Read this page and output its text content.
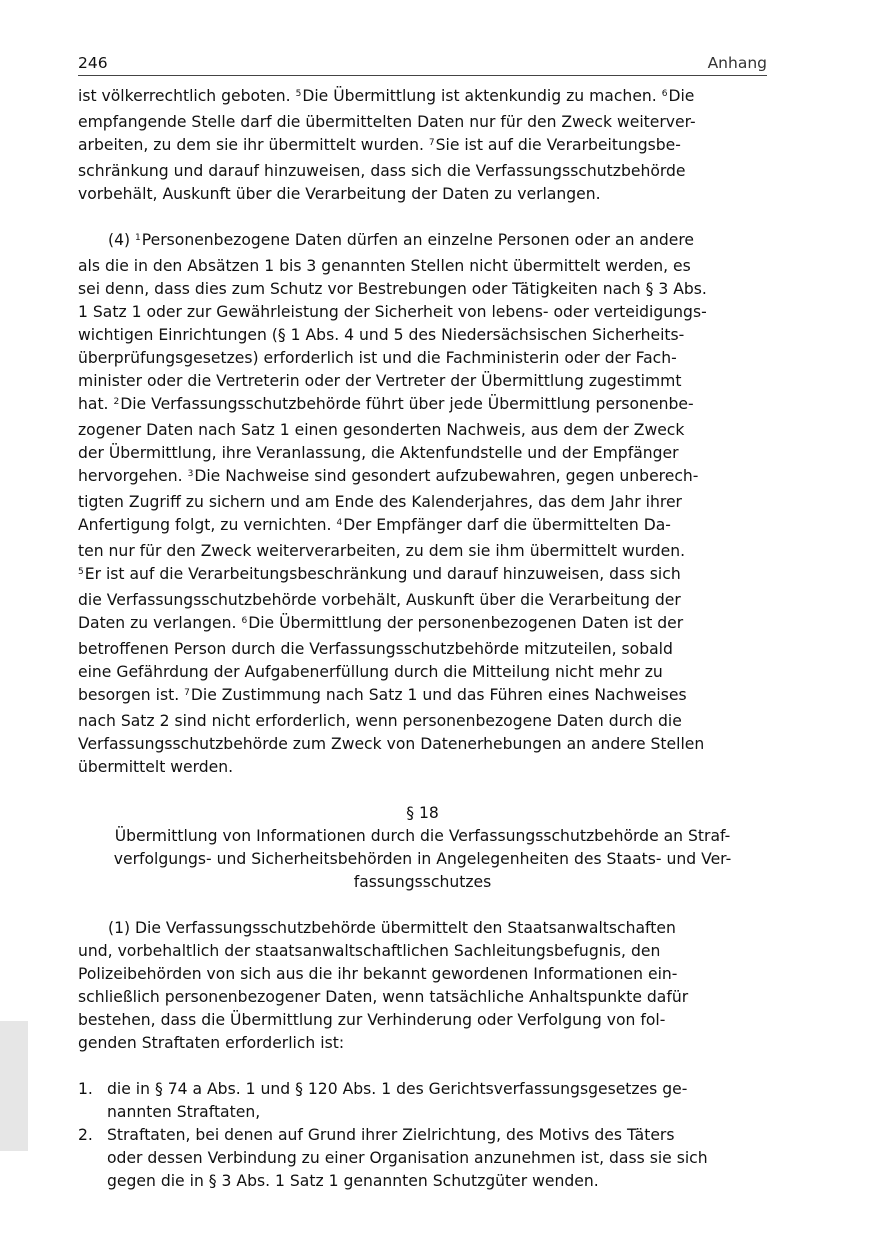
246	Anhang

ist völkerrechtlich geboten. $^5$Die Übermittlung ist aktenkundig zu machen. $^6$Die

empfangende Stelle darf die übermittelten Daten nur für den Zweck weiterver-

arbeiten, zu dem sie ihr übermittelt wurden. $^7$Sie ist auf die Verarbeitungsbe-

schränkung und darauf hinzuweisen, dass sich die Verfassungsschutzbehörde

vorbehält, Auskunft über die Verarbeitung der Daten zu verlangen.

(4) $^1$Personenbezogene Daten dürfen an einzelne Personen oder an andere

als die in den Absätzen 1 bis 3 genannten Stellen nicht übermittelt werden, es

sei denn, dass dies zum Schutz vor Bestrebungen oder Tätigkeiten nach § 3 Abs.

1 Satz 1 oder zur Gewährleistung der Sicherheit von lebens- oder verteidigungs-

wichtigen Einrichtungen (§ 1 Abs. 4 und 5 des Niedersächsischen Sicherheits-

überprüfungsgesetzes) erforderlich ist und die Fachministerin oder der Fach-

minister oder die Vertreterin oder der Vertreter der Übermittlung zugestimmt

hat. $^2$Die Verfassungsschutzbehörde führt über jede Übermittlung personenbe-

zogener Daten nach Satz 1 einen gesonderten Nachweis, aus dem der Zweck

der Übermittlung, ihre Veranlassung, die Aktenfundstelle und der Empfänger

hervorgehen. $^3$Die Nachweise sind gesondert aufzubewahren, gegen unberech-

tigten Zugriff zu sichern und am Ende des Kalenderjahres, das dem Jahr ihrer

Anfertigung folgt, zu vernichten. $^4$Der Empfänger darf die übermittelten Da-

ten nur für den Zweck weiterverarbeiten, zu dem sie ihm übermittelt wurden.

$^5$Er ist auf die Verarbeitungsbeschränkung und darauf hinzuweisen, dass sich

die Verfassungsschutzbehörde vorbehält, Auskunft über die Verarbeitung der

Daten zu verlangen. $^6$Die Übermittlung der personenbezogenen Daten ist der

betroffenen Person durch die Verfassungsschutzbehörde mitzuteilen, sobald

eine Gefährdung der Aufgabenerfüllung durch die Mitteilung nicht mehr zu

besorgen ist. $^7$Die Zustimmung nach Satz 1 und das Führen eines Nachweises

nach Satz 2 sind nicht erforderlich, wenn personenbezogene Daten durch die

Verfassungsschutzbehörde zum Zweck von Datenerhebungen an andere Stellen

übermittelt werden.

§ 18

Übermittlung von Informationen durch die Verfassungsschutzbehörde an Straf-

verfolgungs- und Sicherheitsbehörden in Angelegenheiten des Staats- und Ver-

fassungsschutzes

(1) Die Verfassungsschutzbehörde übermittelt den Staatsanwaltschaften

und, vorbehaltlich der staatsanwaltschaftlichen Sachleitungsbefugnis, den

Polizeibehörden von sich aus die ihr bekannt gewordenen Informationen ein-

schließlich personenbezogener Daten, wenn tatsächliche Anhaltspunkte dafür

bestehen, dass die Übermittlung zur Verhinderung oder Verfolgung von fol-

genden Straftaten erforderlich ist:

1. die in § 74 a Abs. 1 und § 120 Abs. 1 des Gerichtsverfassungsgesetzes ge-

nannten Straftaten,

2. Straftaten, bei denen auf Grund ihrer Zielrichtung, des Motivs des Täters

oder dessen Verbindung zu einer Organisation anzunehmen ist, dass sie sich

gegen die in § 3 Abs. 1 Satz 1 genannten Schutzgüter wenden.
